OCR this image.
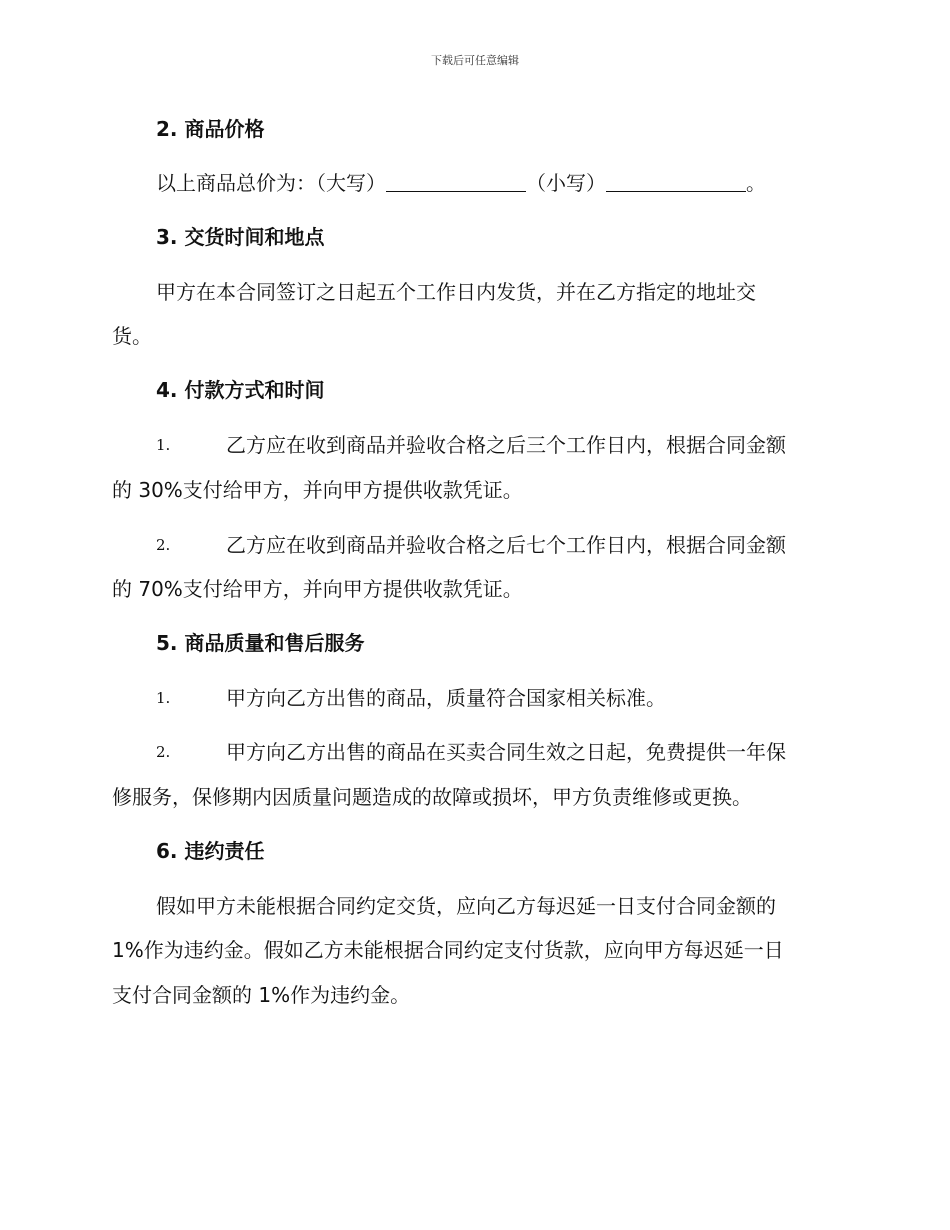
下载后可任意编辑
2. 商品价格
以上商品总价为：（大写）	（小写）	。
3. 交货时间和地点
甲方在本合同签订之日起五个工作日内发货，并在乙方指定的地址交
货。
4. 付款方式和时间
1.	乙方应在收到商品并验收合格之后三个工作日内，根据合同金额
的 30%支付给甲方，并向甲方提供收款凭证。
2.	乙方应在收到商品并验收合格之后七个工作日内，根据合同金额
的 70%支付给甲方，并向甲方提供收款凭证。
5. 商品质量和售后服务
1.	甲方向乙方出售的商品，质量符合国家相关标准。
2.	甲方向乙方出售的商品在买卖合同生效之日起，免费提供一年保
修服务，保修期内因质量问题造成的故障或损坏，甲方负责维修或更换。
6. 违约责任
假如甲方未能根据合同约定交货，应向乙方每迟延一日支付合同金额的
1%作为违约金。假如乙方未能根据合同约定支付货款，应向甲方每迟延一日
支付合同金额的 1%作为违约金。
